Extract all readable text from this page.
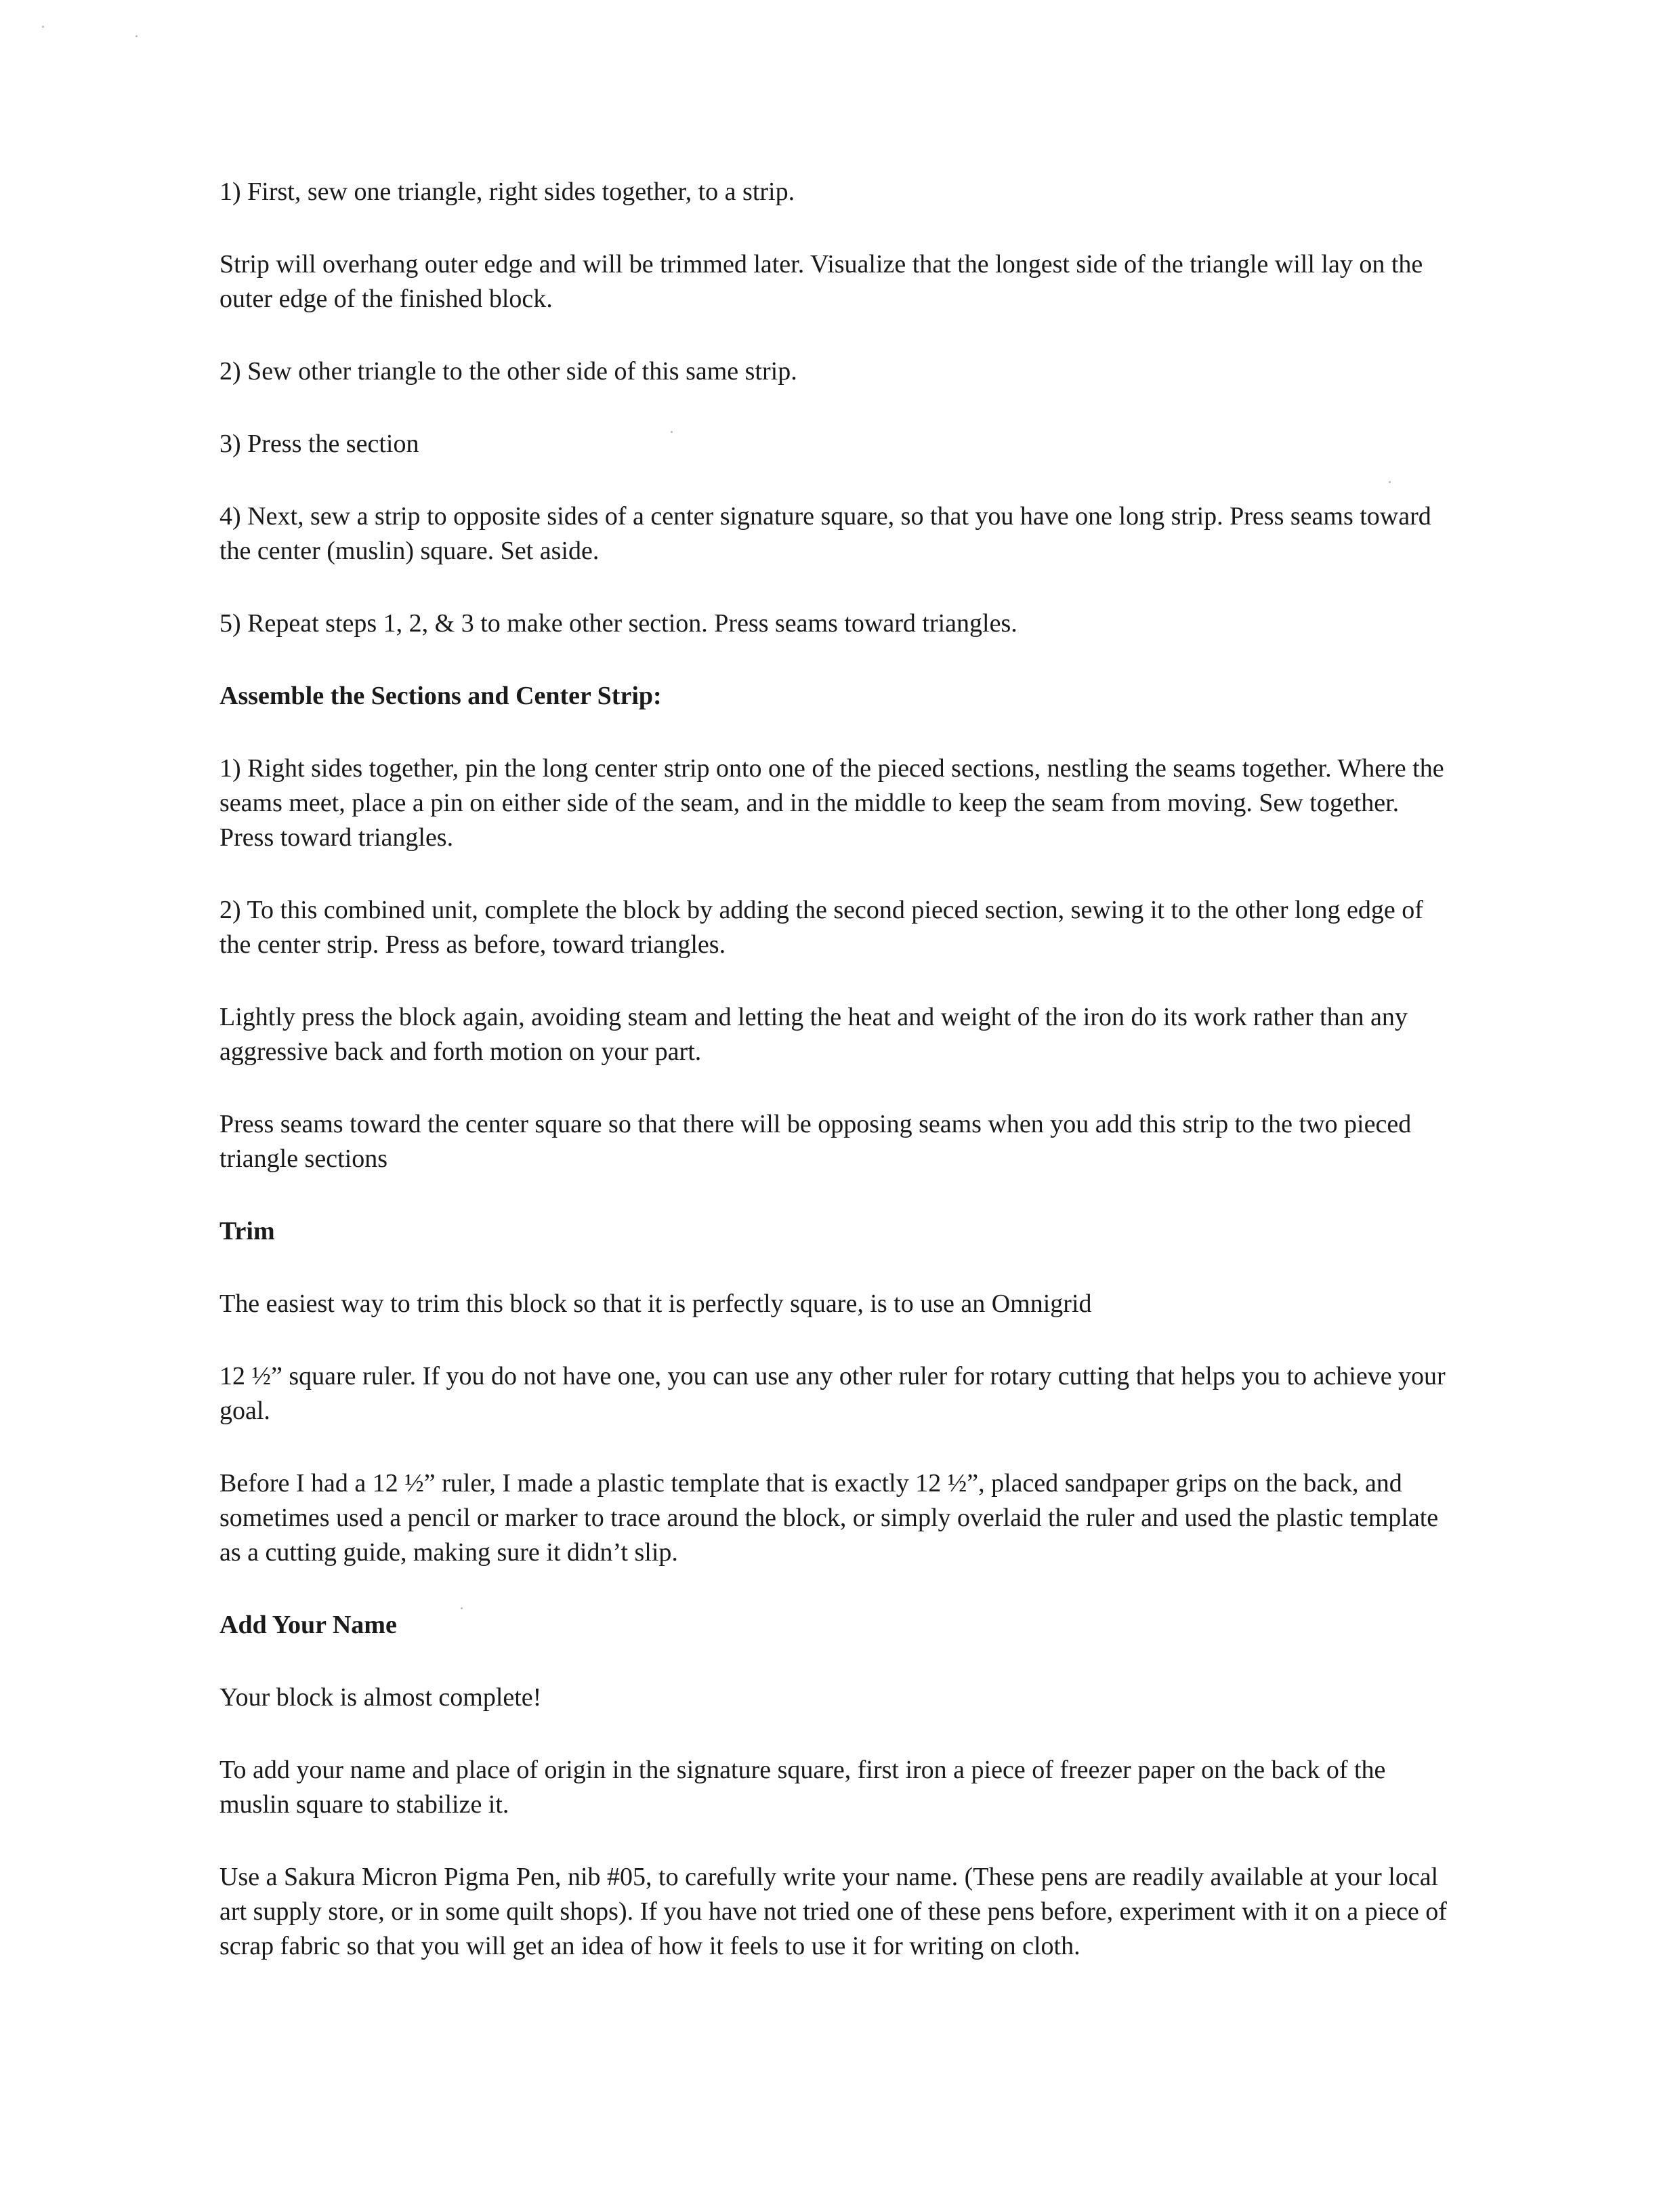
1) First, sew one triangle, right sides together, to a strip.

Strip will overhang outer edge and will be trimmed later. Visualize that the longest side of the triangle will lay on the outer edge of the finished block.

2) Sew other triangle to the other side of this same strip.

3) Press the section

4) Next, sew a strip to opposite sides of a center signature square, so that you have one long strip. Press seams toward the center (muslin) square. Set aside.

5) Repeat steps 1, 2, & 3 to make other section. Press seams toward triangles.

Assemble the Sections and Center Strip:

1) Right sides together, pin the long center strip onto one of the pieced sections, nestling the seams together. Where the seams meet, place a pin on either side of the seam, and in the middle to keep the seam from moving. Sew together. Press toward triangles.

2) To this combined unit, complete the block by adding the second pieced section, sewing it to the other long edge of the center strip. Press as before, toward triangles.

Lightly press the block again, avoiding steam and letting the heat and weight of the iron do its work rather than any aggressive back and forth motion on your part.

Press seams toward the center square so that there will be opposing seams when you add this strip to the two pieced triangle sections

Trim

The easiest way to trim this block so that it is perfectly square, is to use an Omnigrid

12 ½” square ruler. If you do not have one, you can use any other ruler for rotary cutting that helps you to achieve your goal.

Before I had a 12 ½” ruler, I made a plastic template that is exactly 12 ½”, placed sandpaper grips on the back, and sometimes used a pencil or marker to trace around the block, or simply overlaid the ruler and used the plastic template as a cutting guide, making sure it didn’t slip.

Add Your Name

Your block is almost complete!

To add your name and place of origin in the signature square, first iron a piece of freezer paper on the back of the muslin square to stabilize it.

Use a Sakura Micron Pigma Pen, nib #05, to carefully write your name. (These pens are readily available at your local art supply store, or in some quilt shops). If you have not tried one of these pens before, experiment with it on a piece of scrap fabric so that you will get an idea of how it feels to use it for writing on cloth.
